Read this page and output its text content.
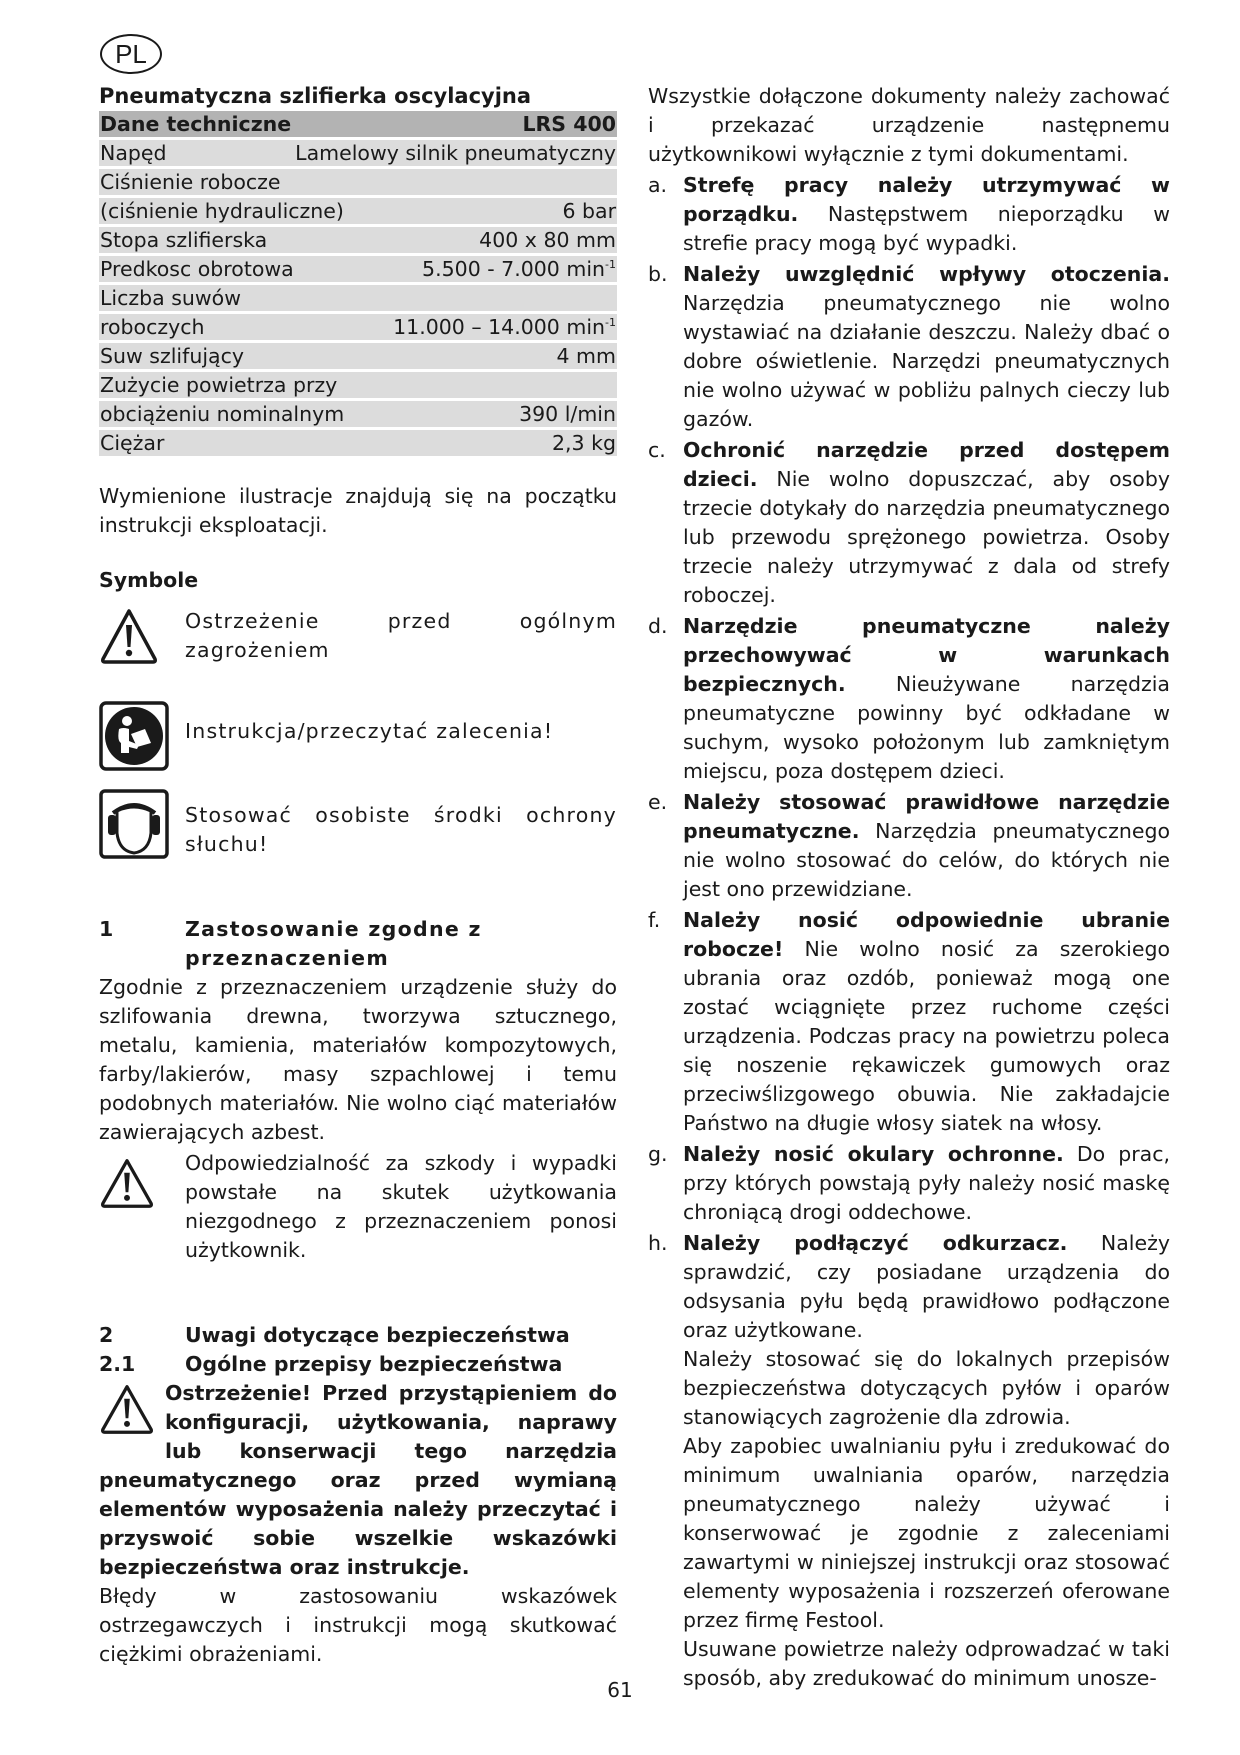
PL
Pneumatyczna szlifierka oscylacyjna
Dane techniczne	LRS 400
Napęd	Lamelowy silnik pneumatyczny
Ciśnienie robocze
(ciśnienie hydrauliczne)	6 bar
Stopa szlifierska	400 x 80 mm
Predkosc obrotowa	5.500 - 7.000 $\min^{-1}$
Liczba suwów
roboczych	11.000 – 14.000 $\min^{-1}$
Suw szlifujący	4 mm
Zużycie powietrza przy
obciążeniu nominalnym	390 l/min
Ciężar	2,3 kg

Wymienione ilustracje znajdują się na początku instrukcji eksploatacji.

Symbole
Ostrzeżenie przed ogólnym zagrożeniem
Instrukcja/przeczytać zalecenia!
Stosować osobiste środki ochrony słuchu!
1	Zastosowanie zgodne z przeznaczeniem

Zgodnie z przeznaczeniem urządzenie służy do szlifowania drewna, tworzywa sztucznego, metalu, kamienia, materiałów kompozytowych, farby/lakierów, masy szpachlowej i temu podobnych materiałów. Nie wolno ciąć materiałów zawierających azbest.

Odpowiedzialność za szkody i wypadki powstałe na skutek użytkowania niezgodnego z przeznaczeniem ponosi użytkownik.
2	Uwagi dotyczące bezpieczeństwa
2.1	Ogólne przepisy bezpieczeństwa

Ostrzeżenie! Przed przystąpieniem do konfiguracji, użytkowania, naprawy lub konserwacji tego narzędzia pneumatycznego oraz przed wymianą elementów wyposażenia należy przeczytać i przyswoić sobie wszelkie wskazówki bezpieczeństwa oraz instrukcje.

Błędy w zastosowaniu wskazówek ostrzegawczych i instrukcji mogą skutkować ciężkimi obrażeniami.

Wszystkie dołączone dokumenty należy zachować i przekazać urządzenie następnemu użytkownikowi wyłącznie z tymi dokumentami.

a. Strefę pracy należy utrzymywać w porządku. Następstwem nieporządku w strefie pracy mogą być wypadki.

b. Należy uwzględnić wpływy otoczenia. Narzędzia pneumatycznego nie wolno wystawiać na działanie deszczu. Należy dbać o dobre oświetlenie. Narzędzi pneumatycznych nie wolno używać w pobliżu palnych cieczy lub gazów.

c. Ochronić narzędzie przed dostępem dzieci. Nie wolno dopuszczać, aby osoby trzecie dotykały do narzędzia pneumatycznego lub przewodu sprężonego powietrza. Osoby trzecie należy utrzymywać z dala od strefy roboczej.

d. Narzędzie pneumatyczne należy przechowywać w warunkach bezpiecznych. Nieużywane narzędzia pneumatyczne powinny być odkładane w suchym, wysoko położonym lub zamkniętym miejscu, poza dostępem dzieci.

e. Należy stosować prawidłowe narzędzie pneumatyczne. Narzędzia pneumatycznego nie wolno stosować do celów, do których nie jest ono przewidziane.

f.	Należy nosić odpowiednie ubranie robocze! Nie wolno nosić za szerokiego ubrania oraz ozdób, ponieważ mogą one zostać wciągnięte przez ruchome części urządzenia. Podczas pracy na powietrzu poleca się noszenie rękawiczek gumowych oraz przeciwślizgowego obuwia. Nie zakładajcie Państwo na długie włosy siatek na włosy.

g. Należy nosić okulary ochronne. Do prac, przy których powstają pyły należy nosić maskę chroniącą drogi oddechowe.

h. Należy podłączyć odkurzacz. Należy sprawdzić, czy posiadane urządzenia do odsysania pyłu będą prawidłowo podłączone oraz użytkowane.

Należy stosować się do lokalnych przepisów bezpieczeństwa dotyczących pyłów i oparów stanowiących zagrożenie dla zdrowia.

Aby zapobiec uwalnianiu pyłu i zredukować do minimum uwalniania oparów, narzędzia pneumatycznego należy używać i konserwować je zgodnie z zaleceniami zawartymi w niniejszej instrukcji oraz stosować elementy wyposażenia i rozszerzeń oferowane przez firmę Festool.

Usuwane powietrze należy odprowadzać w taki sposób, aby zredukować do minimum unosze-

61
